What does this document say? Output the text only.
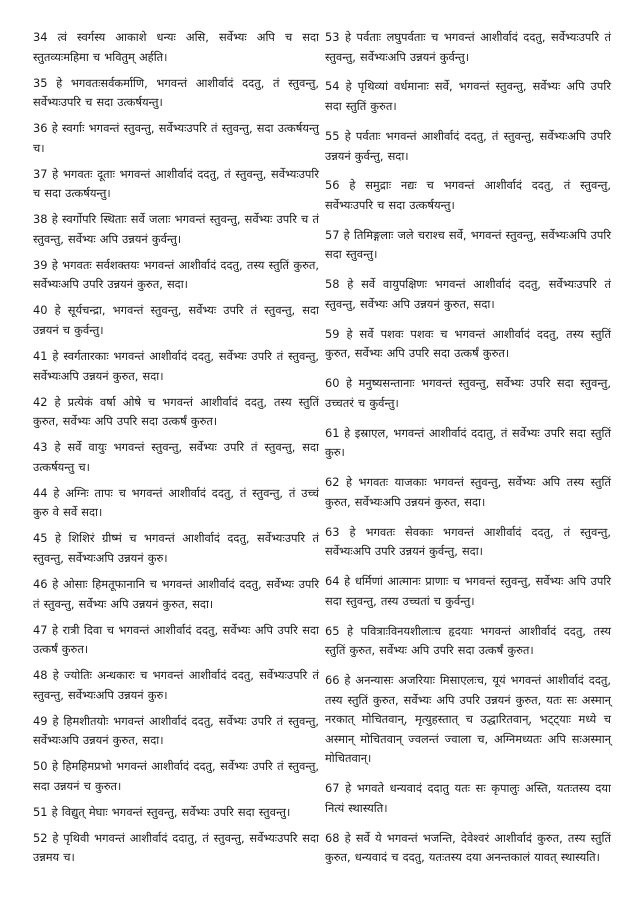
34 त्वं स्वर्गस्य आकाशे धन्यः असि, सर्वेभ्यः अपि च सदा स्तुतव्यःमहिमा च भवितुम् अर्हति।

35 हे भगवतःसर्वकर्माणि, भगवन्तं आशीर्वादं ददतु, तं स्तुवन्तु, सर्वेभ्यःउपरि च सदा उत्कर्षयन्तु।

36 हे स्वर्गाः भगवन्तं स्तुवन्तु, सर्वेभ्यःउपरि तं स्तुवन्तु, सदा उत्कर्षयन्तु च।

37 हे भगवतः दूताः भगवन्तं आशीर्वादं ददतु, तं स्तुवन्तु, सर्वेभ्यःउपरि च सदा उत्कर्षयन्तु।

38 हे स्वर्गोपरि स्थिताः सर्वे जलाः भगवन्तं स्तुवन्तु, सर्वेभ्यः उपरि च तं स्तुवन्तु, सर्वेभ्यः अपि उन्नयनं कुर्वन्तु।

39 हे भगवतः सर्वशक्तयः भगवन्तं आशीर्वादं ददतु, तस्य स्तुतिं कुरुत, सर्वेभ्यःअपि उपरि उन्नयनं कुरुत, सदा।

40 हे सूर्यचन्द्रा, भगवन्तं स्तुवन्तु, सर्वेभ्यः उपरि तं स्तुवन्तु, सदा उन्नयनं च कुर्वन्तु।

41 हे स्वर्गतारकाः भगवन्तं आशीर्वादं ददतु, सर्वेभ्यः उपरि तं स्तुवन्तु, सर्वेभ्यःअपि उन्नयनं कुरुत, सदा।

42 हे प्रत्येकं वर्षा ओषे च भगवन्तं आशीर्वादं ददतु, तस्य स्तुतिं कुरुत, सर्वेभ्यः अपि उपरि सदा उत्कर्षं कुरुत।

43 हे सर्वे वायुः भगवन्तं स्तुवन्तु, सर्वेभ्यः उपरि तं स्तुवन्तु, सदा उत्कर्षयन्तु च।

44 हे अग्निः तापः च भगवन्तं आशीर्वादं ददतु, तं स्तुवन्तु, तं उच्चं कुरु वे सर्वे सदा।

45 हे शिशिरं ग्रीष्मं च भगवन्तं आशीर्वादं ददतु, सर्वेभ्यःउपरि तं स्तुवन्तु, सर्वेभ्यःअपि उन्नयनं कुरु।

46 हे ओसाः हिमतूफानानि च भगवन्तं आशीर्वादं ददतु, सर्वेभ्यः उपरि तं स्तुवन्तु, सर्वेभ्यः अपि उन्नयनं कुरुत, सदा।

47 हे रात्री दिवा च भगवन्तं आशीर्वादं ददतु, सर्वेभ्यः अपि उपरि सदा उत्कर्षं कुरुत।

48 हे ज्योतिः अन्धकारः च भगवन्तं आशीर्वादं ददतु, सर्वेभ्यःउपरि तं स्तुवन्तु, सर्वेभ्यःअपि उन्नयनं कुरु।

49 हे हिमशीतयोः भगवन्तं आशीर्वादं ददतु, सर्वेभ्यः उपरि तं स्तुवन्तु, सर्वेभ्यःअपि उन्नयनं कुरुत, सदा।

50 हे हिमहिमप्रभो भगवन्तं आशीर्वादं ददतु, सर्वेभ्यः उपरि तं स्तुवन्तु, सदा उन्नयनं च कुरुत।

51 हे विद्युत् मेघाः भगवन्तं स्तुवन्तु, सर्वेभ्यः उपरि सदा स्तुवन्तु।

52 हे पृथिवी भगवन्तं आशीर्वादं ददातु, तं स्तुवन्तु, सर्वेभ्यःउपरि सदा उन्नमय च।

53 हे पर्वताः लघुपर्वताः च भगवन्तं आशीर्वादं ददतु, सर्वेभ्यःउपरि तं स्तुवन्तु, सर्वेभ्यःअपि उन्नयनं कुर्वन्तु।

54 हे पृथिव्यां वर्धमानाः सर्वे, भगवन्तं स्तुवन्तु, सर्वेभ्यः अपि उपरि सदा स्तुतिं कुरुत।

55 हे पर्वताः भगवन्तं आशीर्वादं ददतु, तं स्तुवन्तु, सर्वेभ्यःअपि उपरि उन्नयनं कुर्वन्तु, सदा।

56 हे समुद्राः नद्यः च भगवन्तं आशीर्वादं ददतु, तं स्तुवन्तु, सर्वेभ्यःउपरि च सदा उत्कर्षयन्तु।

57 हे तिमिङ्गलाः जले चराश्च सर्वे, भगवन्तं स्तुवन्तु, सर्वेभ्यःअपि उपरि सदा स्तुवन्तु।

58 हे सर्वे वायुपक्षिणः भगवन्तं आशीर्वादं ददतु, सर्वेभ्यःउपरि तं स्तुवन्तु, सर्वेभ्यः अपि उन्नयनं कुरुत, सदा।

59 हे सर्वे पशवः पशवः च भगवन्तं आशीर्वादं ददतु, तस्य स्तुतिं कुरुत, सर्वेभ्यः अपि उपरि सदा उत्कर्षं कुरुत।

60 हे मनुष्यसन्तानाः भगवन्तं स्तुवन्तु, सर्वेभ्यः उपरि सदा स्तुवन्तु, उच्चतरं च कुर्वन्तु।

61 हे इस्राएल, भगवन्तं आशीर्वादं ददातु, तं सर्वेभ्यः उपरि सदा स्तुतिं कुरु।

62 हे भगवतः याजकाः भगवन्तं स्तुवन्तु, सर्वेभ्यः अपि तस्य स्तुतिं कुरुत, सर्वेभ्यःअपि उन्नयनं कुरुत, सदा।

63 हे भगवतः सेवकाः भगवन्तं आशीर्वादं ददतु, तं स्तुवन्तु, सर्वेभ्यःअपि उपरि उन्नयनं कुर्वन्तु, सदा।

64 हे धर्मिणां आत्मानः प्राणाः च भगवन्तं स्तुवन्तु, सर्वेभ्यः अपि उपरि सदा स्तुवन्तु, तस्य उच्चतां च कुर्वन्तु।

65 हे पवित्राःविनयशीलाःच हृदयाः भगवन्तं आशीर्वादं ददतु, तस्य स्तुतिं कुरुत, सर्वेभ्यः अपि उपरि सदा उत्कर्षं कुरुत।

66 हे अनन्यासः अजरियाः मिसाएलःच, यूयं भगवन्तं आशीर्वादं ददतु, तस्य स्तुतिं कुरुत, सर्वेभ्यः अपि उपरि उन्नयनं कुरुत, यतः सः अस्मान् नरकात् मोचितवान्, मृत्युहस्तात् च उद्धारितवान्, भट्ट्याः मध्ये च अस्मान् मोचितवान् ज्वलन्तं ज्वाला च, अग्निमध्यतः अपि सःअस्मान् मोचितवान्।

67 हे भगवते धन्यवादं ददातु यतः सः कृपालुः अस्ति, यतःतस्य दया नित्यं स्थास्यति।

68 हे सर्वे ये भगवन्तं भजन्ति, देवेश्वरं आशीर्वादं कुरुत, तस्य स्तुतिं कुरुत, धन्यवादं च ददतु, यतःतस्य दया अनन्तकालं यावत् स्थास्यति।
